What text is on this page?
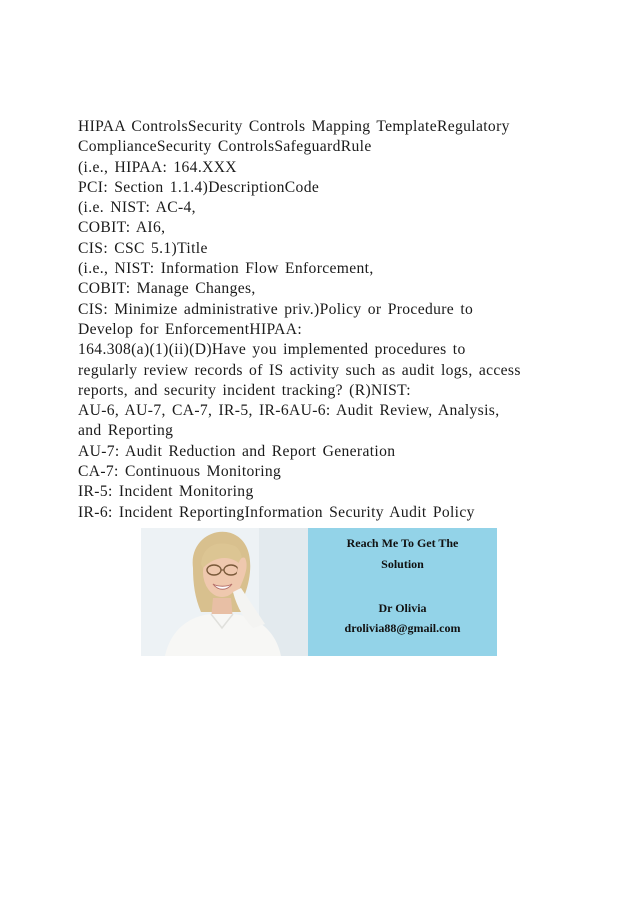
HIPAA ControlsSecurity Controls Mapping TemplateRegulatory
ComplianceSecurity ControlsSafeguardRule
(i.e., HIPAA: 164.XXX
PCI: Section 1.1.4)DescriptionCode
(i.e. NIST: AC-4,
COBIT: AI6,
CIS: CSC 5.1)Title
(i.e., NIST: Information Flow Enforcement,
COBIT: Manage Changes,
CIS: Minimize administrative priv.)Policy or Procedure to
Develop for EnforcementHIPAA:
164.308(a)(1)(ii)(D)Have you implemented procedures to
regularly review records of IS activity such as audit logs, access
reports, and security incident tracking? (R)NIST:
AU-6, AU-7, CA-7, IR-5, IR-6AU-6: Audit Review, Analysis,
and Reporting
AU-7: Audit Reduction and Report Generation
CA-7: Continuous Monitoring
IR-5: Incident Monitoring
IR-6: Incident ReportingInformation Security Audit Policy
Reach Me To Get The
Solution
Dr Olivia
drolivia88@gmail.com
